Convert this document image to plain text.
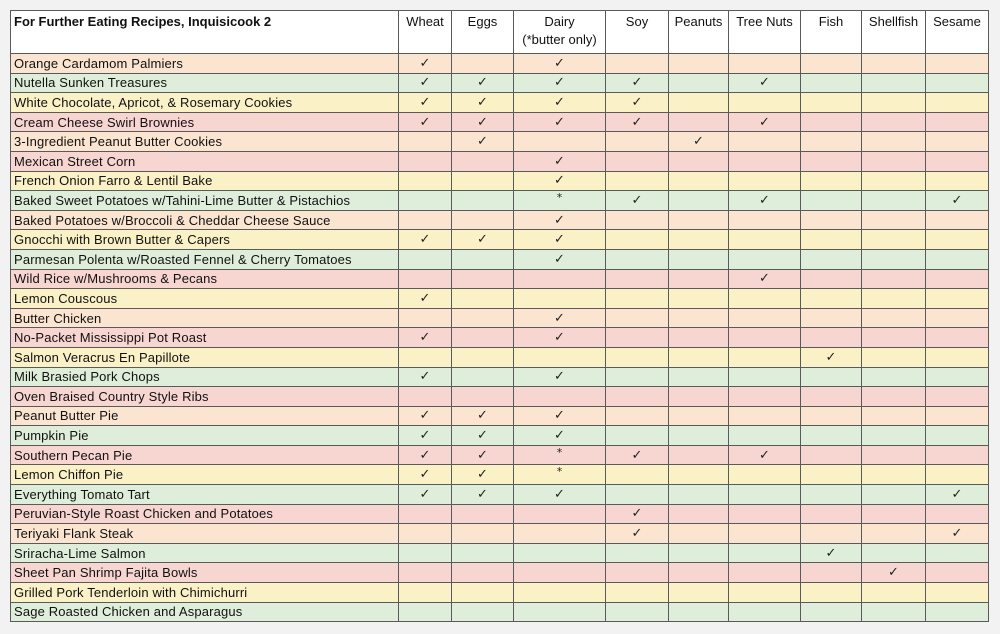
For Further Eating Recipes, Inquisicook 2	Wheat	Eggs	Dairy
(*butter only)	Soy	Peanuts	Tree Nuts	Fish	Shellfish	Sesame
Orange Cardamom Palmiers	✓		✓						
Nutella Sunken Treasures	✓	✓	✓	✓		✓			
White Chocolate, Apricot, & Rosemary Cookies	✓	✓	✓	✓					
Cream Cheese Swirl Brownies	✓	✓	✓	✓		✓			
3-Ingredient Peanut Butter Cookies		✓			✓				
Mexican Street Corn			✓						
French Onion Farro & Lentil Bake			✓						
Baked Sweet Potatoes w/Tahini-Lime Butter & Pistachios			*	✓		✓			✓
Baked Potatoes w/Broccoli & Cheddar Cheese Sauce			✓						
Gnocchi with Brown Butter & Capers	✓	✓	✓						
Parmesan Polenta w/Roasted Fennel & Cherry Tomatoes			✓						
Wild Rice w/Mushrooms & Pecans						✓			
Lemon Couscous	✓								
Butter Chicken			✓						
No-Packet Mississippi Pot Roast	✓		✓						
Salmon Veracrus En Papillote							✓		
Milk Brasied Pork Chops	✓		✓						
Oven Braised Country Style Ribs									
Peanut Butter Pie	✓	✓	✓						
Pumpkin Pie	✓	✓	✓						
Southern Pecan Pie	✓	✓	*	✓		✓			
Lemon Chiffon Pie	✓	✓	*						
Everything Tomato Tart	✓	✓	✓						✓
Peruvian-Style Roast Chicken and Potatoes				✓					
Teriyaki Flank Steak				✓					✓
Sriracha-Lime Salmon							✓		
Sheet Pan Shrimp Fajita Bowls								✓	
Grilled Pork Tenderloin with Chimichurri									
Sage Roasted Chicken and Asparagus									
